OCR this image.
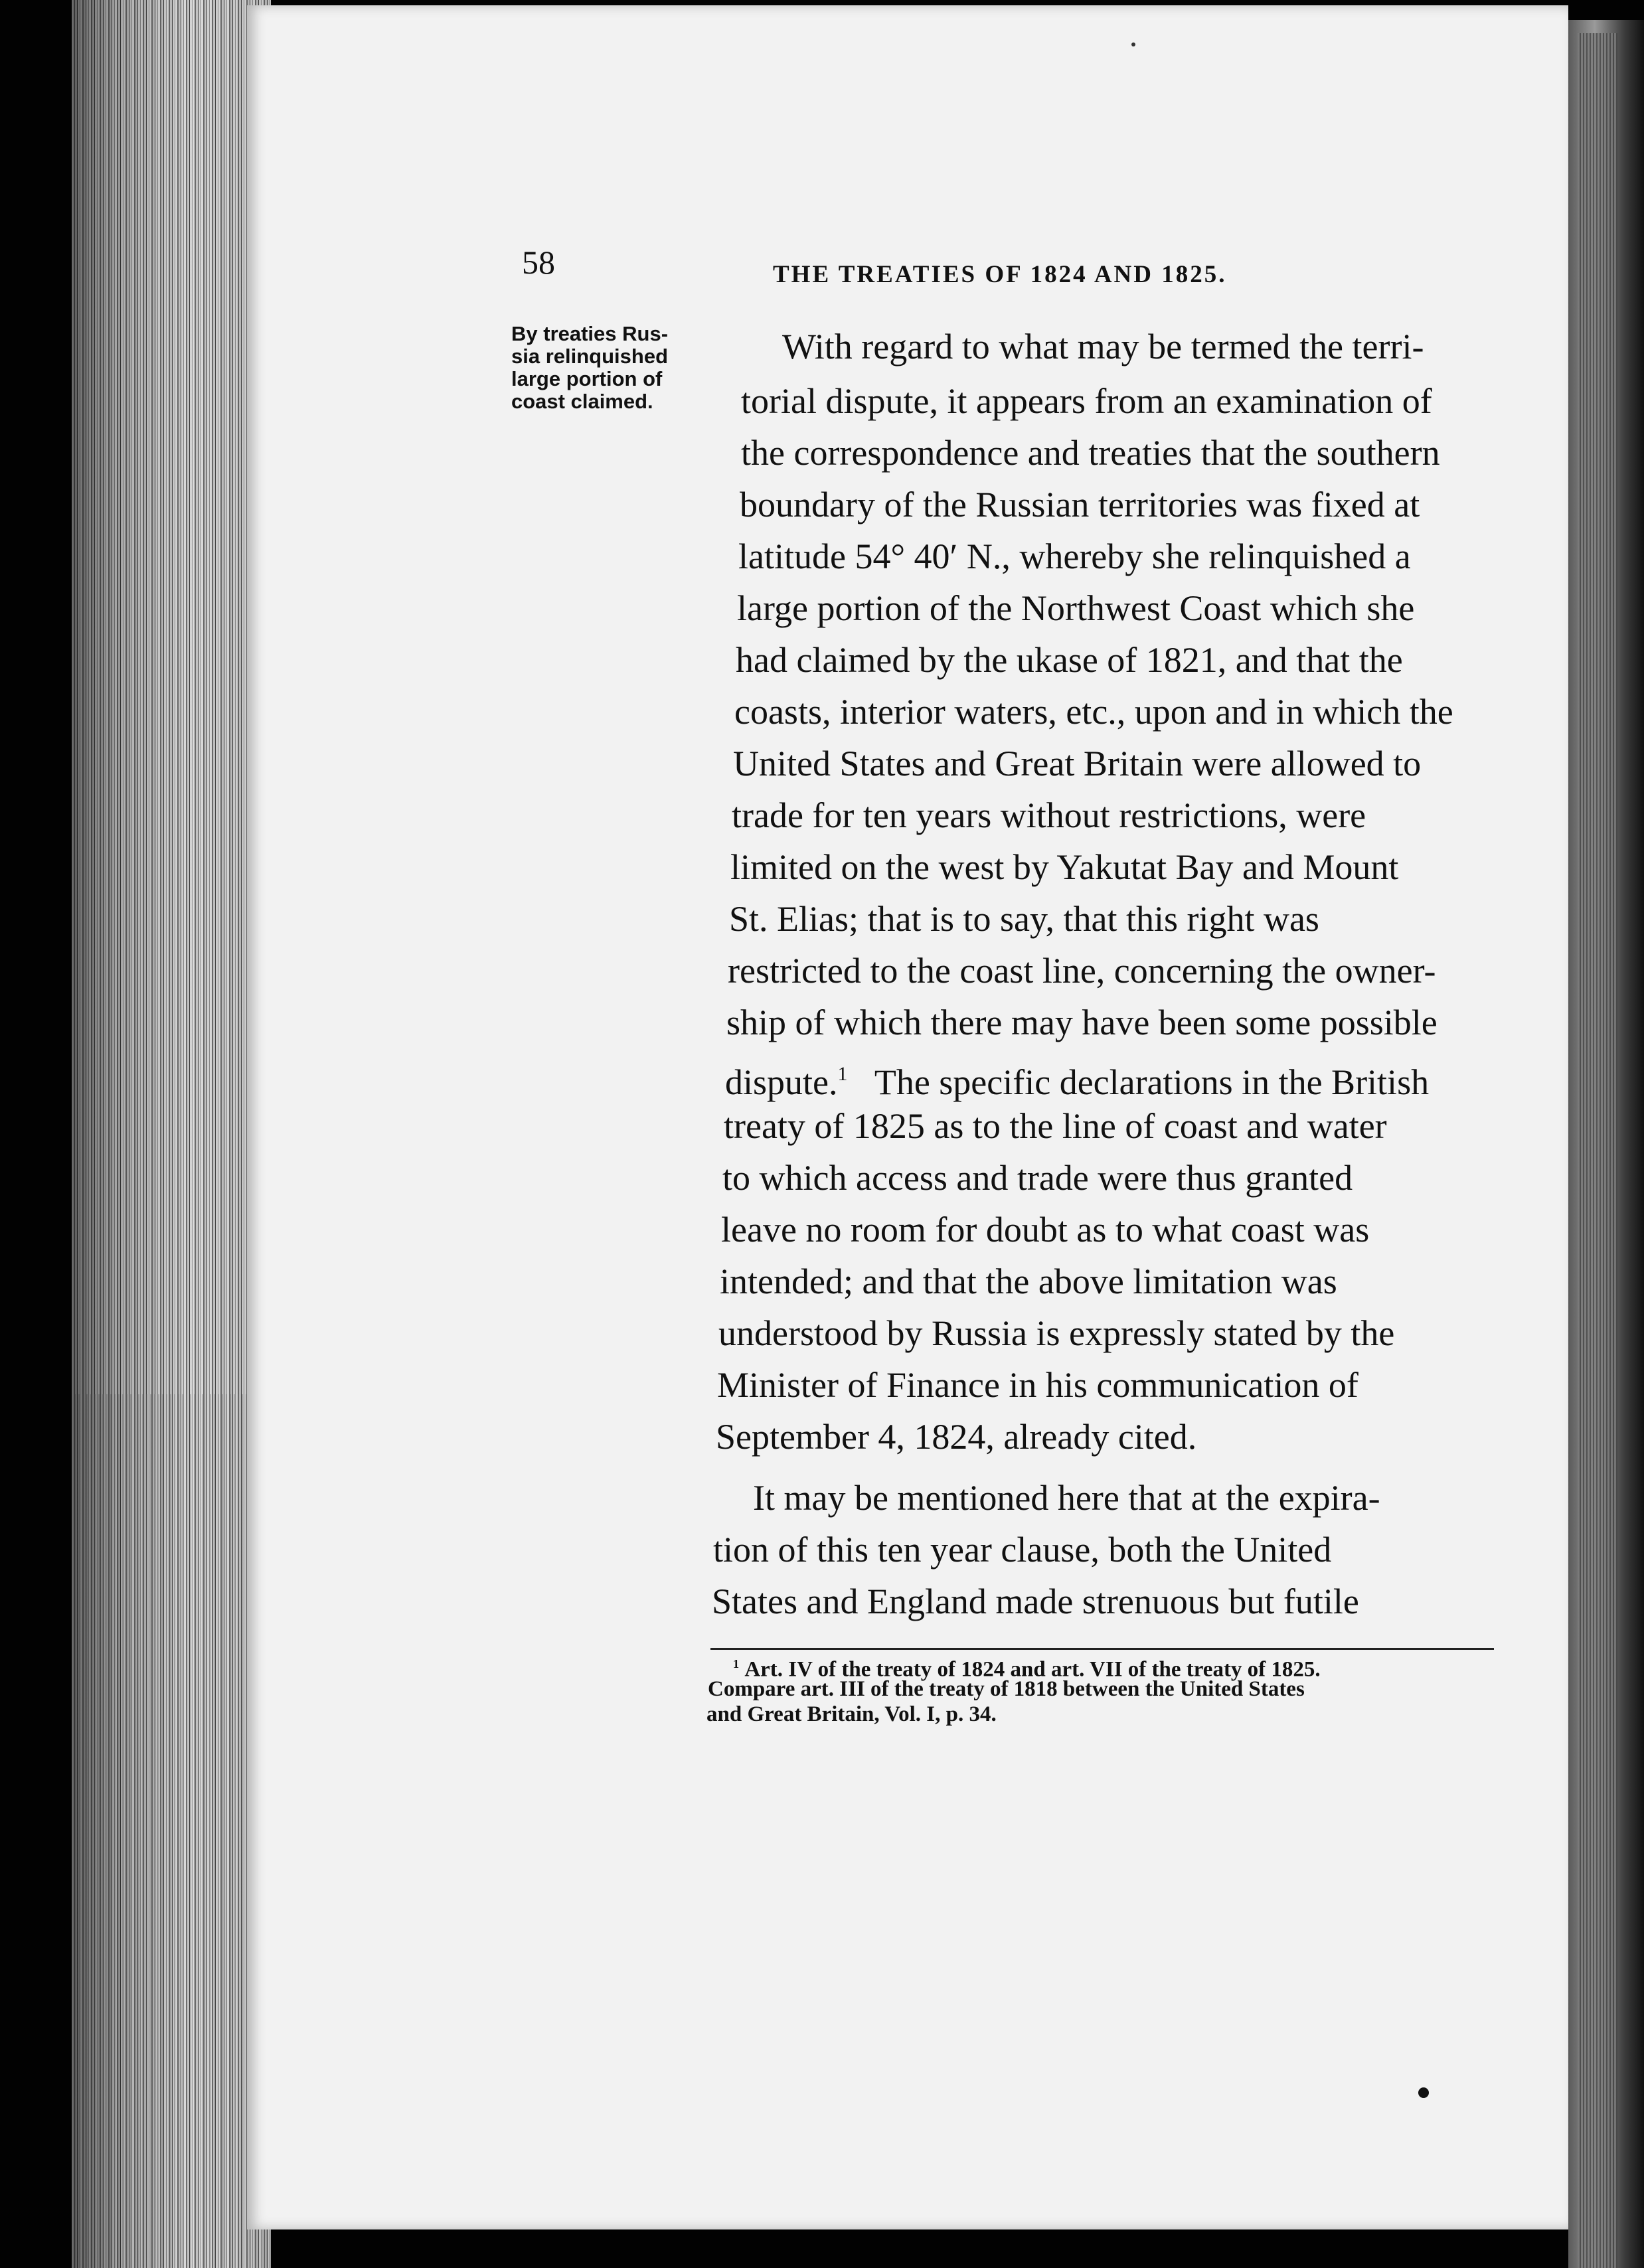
58	THE TREATIES OF 1824 AND 1825.
By treaties Rus-
sia relinquished
large portion of
coast claimed.
With regard to what may be termed the terri-
torial dispute, it appears from an examination of
the correspondence and treaties that the southern
boundary of the Russian territories was fixed at
latitude 54° 40′ N., whereby she relinquished a
large portion of the Northwest Coast which she
had claimed by the ukase of 1821, and that the
coasts, interior waters, etc., upon and in which the
United States and Great Britain were allowed to
trade for ten years without restrictions, were
limited on the west by Yakutat Bay and Mount
St. Elias; that is to say, that this right was
restricted to the coast line, concerning the owner-
ship of which there may have been some possible
dispute.$^1$ The specific declarations in the British
treaty of 1825 as to the line of coast and water
to which access and trade were thus granted
leave no room for doubt as to what coast was
intended; and that the above limitation was
understood by Russia is expressly stated by the
Minister of Finance in his communication of
September 4, 1824, already cited.
It may be mentioned here that at the expira-
tion of this ten year clause, both the United
States and England made strenuous but futile
$^1$ Art. IV of the treaty of 1824 and art. VII of the treaty of 1825.
Compare art. III of the treaty of 1818 between the United States
and Great Britain, Vol. I, p. 34.
